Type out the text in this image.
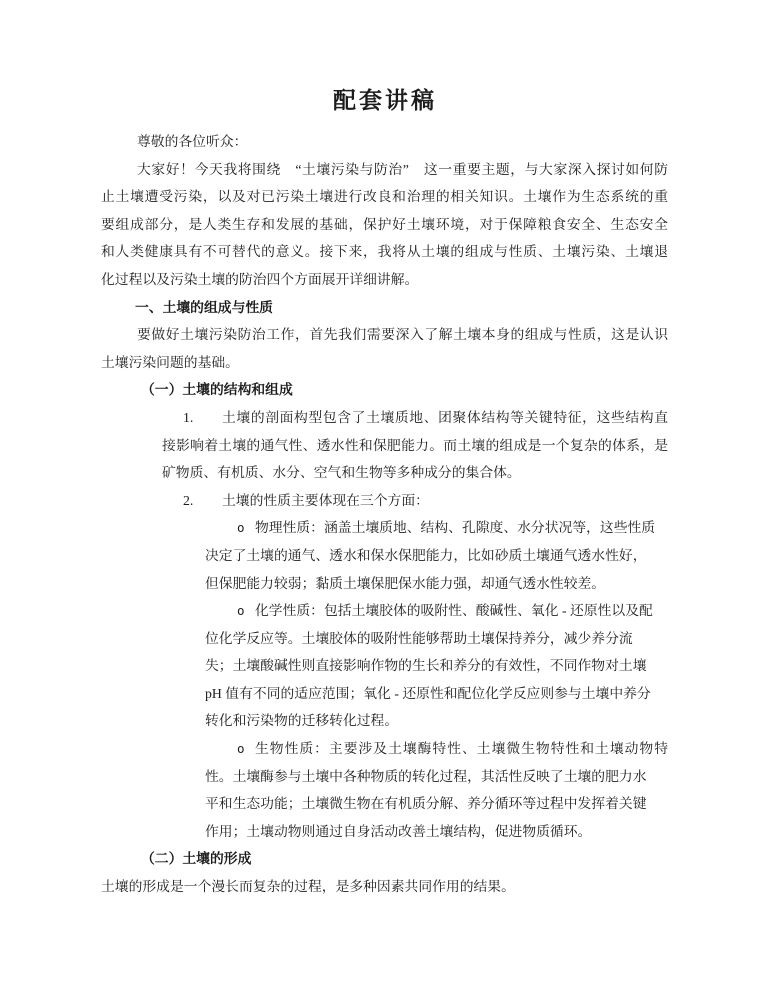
配套讲稿
尊敬的各位听众：
大家好！今天我将围绕　“土壤污染与防治”　这一重要主题，与大家深入探讨如何防
止土壤遭受污染，以及对已污染土壤进行改良和治理的相关知识。土壤作为生态系统的重
要组成部分，是人类生存和发展的基础，保护好土壤环境，对于保障粮食安全、生态安全
和人类健康具有不可替代的意义。接下来，我将从土壤的组成与性质、土壤污染、土壤退
化过程以及污染土壤的防治四个方面展开详细讲解。
一、土壤的组成与性质
要做好土壤污染防治工作，首先我们需要深入了解土壤本身的组成与性质，这是认识
土壤污染问题的基础。
（一）土壤的结构和组成
1. 土壤的剖面构型包含了土壤质地、团聚体结构等关键特征，这些结构直
接影响着土壤的通气性、透水性和保肥能力。而土壤的组成是一个复杂的体系，是
矿物质、有机质、水分、空气和生物等多种成分的集合体。
2. 土壤的性质主要体现在三个方面：
o 物理性质：涵盖土壤质地、结构、孔隙度、水分状况等，这些性质
决定了土壤的通气、透水和保水保肥能力，比如砂质土壤通气透水性好，
但保肥能力较弱；黏质土壤保肥保水能力强，却通气透水性较差。
o 化学性质：包括土壤胶体的吸附性、酸碱性、氧化 - 还原性以及配
位化学反应等。土壤胶体的吸附性能够帮助土壤保持养分，减少养分流
失；土壤酸碱性则直接影响作物的生长和养分的有效性，不同作物对土壤
pH 值有不同的适应范围；氧化 - 还原性和配位化学反应则参与土壤中养分
转化和污染物的迁移转化过程。
o 生物性质：主要涉及土壤酶特性、土壤微生物特性和土壤动物特
性。土壤酶参与土壤中各种物质的转化过程，其活性反映了土壤的肥力水
平和生态功能；土壤微生物在有机质分解、养分循环等过程中发挥着关键
作用；土壤动物则通过自身活动改善土壤结构，促进物质循环。
（二）土壤的形成
土壤的形成是一个漫长而复杂的过程，是多种因素共同作用的结果。
